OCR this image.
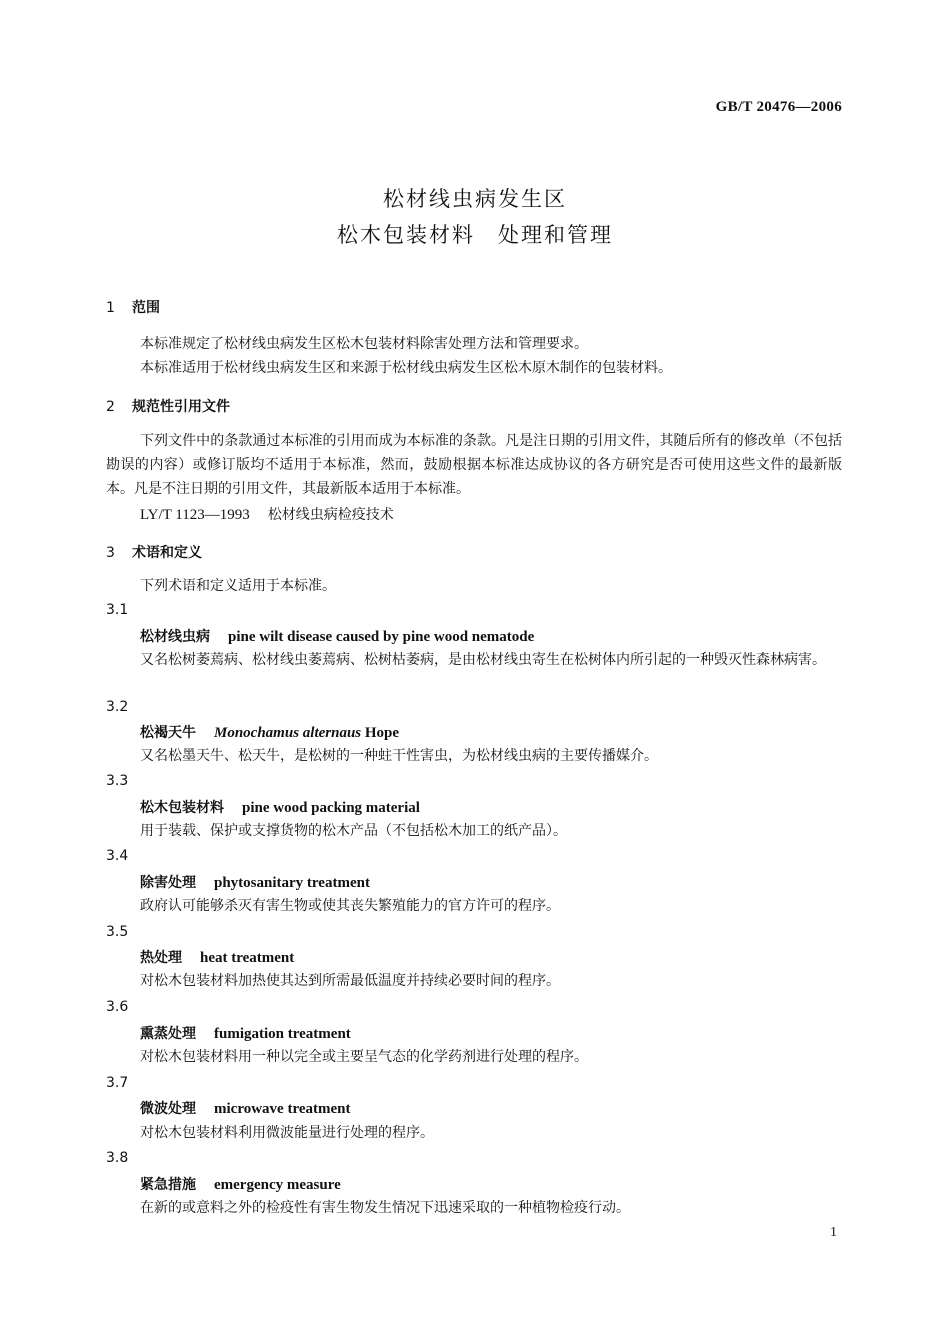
GB/T 20476—2006
松材线虫病发生区
松木包装材料　处理和管理
1 范围
本标准规定了松材线虫病发生区松木包装材料除害处理方法和管理要求。
本标准适用于松材线虫病发生区和来源于松材线虫病发生区松木原木制作的包装材料。
2 规范性引用文件
下列文件中的条款通过本标准的引用而成为本标准的条款。凡是注日期的引用文件，其随后所有的修改单（不包括勘误的内容）或修订版均不适用于本标准，然而，鼓励根据本标准达成协议的各方研究是否可使用这些文件的最新版本。凡是不注日期的引用文件，其最新版本适用于本标准。
LY/T 1123—1993 松材线虫病检疫技术
3 术语和定义
下列术语和定义适用于本标准。
3.1
松材线虫病 pine wilt disease caused by pine wood nematode
又名松树萎蔫病、松材线虫萎蔫病、松树枯萎病，是由松材线虫寄生在松树体内所引起的一种毁灭性森林病害。
3.2
松褐天牛 Monochamus alternaus Hope
又名松墨天牛、松天牛，是松树的一种蛀干性害虫，为松材线虫病的主要传播媒介。
3.3
松木包装材料 pine wood packing material
用于装载、保护或支撑货物的松木产品（不包括松木加工的纸产品）。
3.4
除害处理 phytosanitary treatment
政府认可能够杀灭有害生物或使其丧失繁殖能力的官方许可的程序。
3.5
热处理 heat treatment
对松木包装材料加热使其达到所需最低温度并持续必要时间的程序。
3.6
熏蒸处理 fumigation treatment
对松木包装材料用一种以完全或主要呈气态的化学药剂进行处理的程序。
3.7
微波处理 microwave treatment
对松木包装材料利用微波能量进行处理的程序。
3.8
紧急措施 emergency measure
在新的或意料之外的检疫性有害生物发生情况下迅速采取的一种植物检疫行动。
1
